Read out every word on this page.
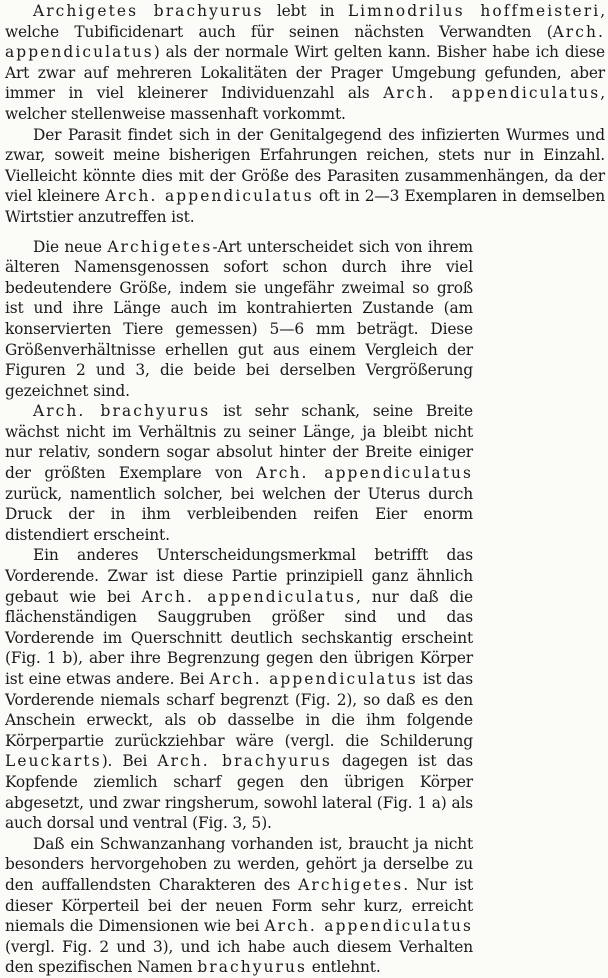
Archigetes brachyurus lebt in Limnodrilus hoffmeisteri, welche Tubificidenart auch für seinen nächsten Verwandten (Arch. appendiculatus) als der normale Wirt gelten kann. Bisher habe ich diese Art zwar auf mehreren Lokalitäten der Prager Umgebung gefunden, aber immer in viel kleinerer Individuenzahl als Arch. appendiculatus, welcher stellenweise massenhaft vorkommt.

Der Parasit findet sich in der Genitalgegend des infizierten Wurmes und zwar, soweit meine bisherigen Erfahrungen reichen, stets nur in Einzahl. Vielleicht könnte dies mit der Größe des Parasiten zusammenhängen, da der viel kleinere Arch. appendiculatus oft in 2—3 Exemplaren in demselben Wirtstier anzutreffen ist.

Die neue Archigetes-Art unterscheidet sich von ihrem älteren Namensgenossen sofort schon durch ihre viel bedeutendere Größe, indem sie ungefähr zweimal so groß ist und ihre Länge auch im kontrahierten Zustande (am konservierten Tiere gemessen) 5—6 mm beträgt. Diese Größenverhältnisse erhellen gut aus einem Vergleich der Figuren 2 und 3, die beide bei derselben Vergrößerung gezeichnet sind.

Arch. brachyurus ist sehr schank, seine Breite wächst nicht im Verhältnis zu seiner Länge, ja bleibt nicht nur relativ, sondern sogar absolut hinter der Breite einiger der größten Exemplare von Arch. appendiculatus zurück, namentlich solcher, bei welchen der Uterus durch Druck der in ihm verbleibenden reifen Eier enorm distendiert erscheint.

Ein anderes Unterscheidungsmerkmal betrifft das Vorderende. Zwar ist diese Partie prinzipiell ganz ähnlich gebaut wie bei Arch. appendiculatus, nur daß die flächenständigen Sauggruben größer sind und das Vorderende im Querschnitt deutlich sechskantig erscheint (Fig. 1 b), aber ihre Begrenzung gegen den übrigen Körper ist eine etwas andere. Bei Arch. appendiculatus ist das Vorderende niemals scharf begrenzt (Fig. 2), so daß es den Anschein erweckt, als ob dasselbe in die ihm folgende Körperpartie zurückziehbar wäre (vergl. die Schilderung Leuckarts). Bei Arch. brachyurus dagegen ist das Kopfende ziemlich scharf gegen den übrigen Körper abgesetzt, und zwar ringsherum, sowohl lateral (Fig. 1 a) als auch dorsal und ventral (Fig. 3, 5).

Daß ein Schwanzanhang vorhanden ist, braucht ja nicht besonders hervorgehoben zu werden, gehört ja derselbe zu den auffallendsten Charakteren des Archigetes. Nur ist dieser Körperteil bei der neuen Form sehr kurz, erreicht niemals die Dimensionen wie bei Arch. appendiculatus (vergl. Fig. 2 und 3), und ich habe auch diesem Verhalten den spezifischen Namen brachyurus entlehnt.
